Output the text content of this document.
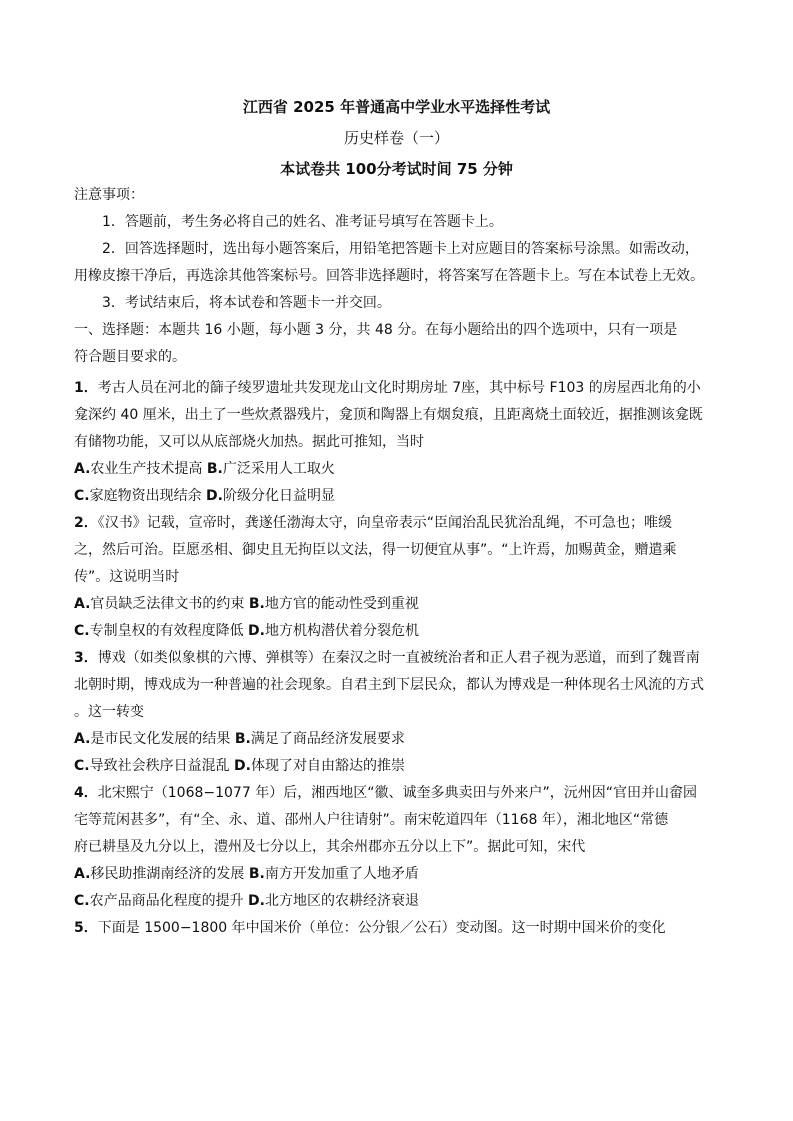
江西省 2025 年普通高中学业水平选择性考试
历史样卷（一）
本试卷共 100分考试时间 75 分钟
注意事项：
1．答题前，考生务必将自己的姓名、准考证号填写在答题卡上。
2．回答选择题时，选出每小题答案后，用铅笔把答题卡上对应题目的答案标号涂黑。如需改动，
用橡皮擦干净后，再选涂其他答案标号。回答非选择题时，将答案写在答题卡上。写在本试卷上无效。
3．考试结束后，将本试卷和答题卡一并交回。
一、选择题：本题共 16 小题，每小题 3 分，共 48 分。在每小题给出的四个选项中，只有一项是
符合题目要求的。
1．考古人员在河北的篩子绫罗遗址共发现龙山文化时期房址 7座，其中标号 F103 的房屋西北角的小
龛深约 40 厘米，出土了一些炊煮器残片，龛顶和陶器上有烟炱痕，且距离烧土面较近，据推测该龛既
有储物功能，又可以从底部烧火加热。据此可推知，当时
A.农业生产技术提高 B.广泛采用人工取火
C.家庭物资出现结余 D.阶级分化日益明显
2．《汉书》记载，宣帝时，龚遂任渤海太守，向皇帝表示“臣闻治乱民犹治乱绳，不可急也；唯缓
之，然后可治。臣愿丞相、御史且无拘臣以文法，得一切便宜从事”。“上许焉，加赐黄金，赠遣乘
传”。这说明当时
A.官员缺乏法律文书的约束 B.地方官的能动性受到重视
C.专制皇权的有效程度降低 D.地方机构潜伏着分裂危机
3．博戏（如类似象棋的六博、弹棋等）在秦汉之时一直被统治者和正人君子视为恶道，而到了魏晋南
北朝时期，博戏成为一种普遍的社会现象。自君主到下层民众，都认为博戏是一种体现名士风流的方式
。这一转变
A.是市民文化发展的结果 B.满足了商品经济发展要求
C.导致社会秩序日益混乱 D.体现了对自由豁达的推崇
4．北宋熙宁（1068−1077 年）后，湘西地区“徽、诚奎多典卖田与外来户”，沅州因“官田并山畲园
宅等荒闲甚多”，有“全、永、道、邵州人户往请射”。南宋乾道四年（1168 年），湘北地区“常德
府已耕垦及九分以上，澧州及七分以上，其余州郡亦五分以上下”。据此可知，宋代
A.移民助推湖南经济的发展 B.南方开发加重了人地矛盾
C.农产品商品化程度的提升 D.北方地区的农耕经济衰退
5．下面是 1500−1800 年中国米价（单位：公分银／公石）变动图。这一时期中国米价的变化
